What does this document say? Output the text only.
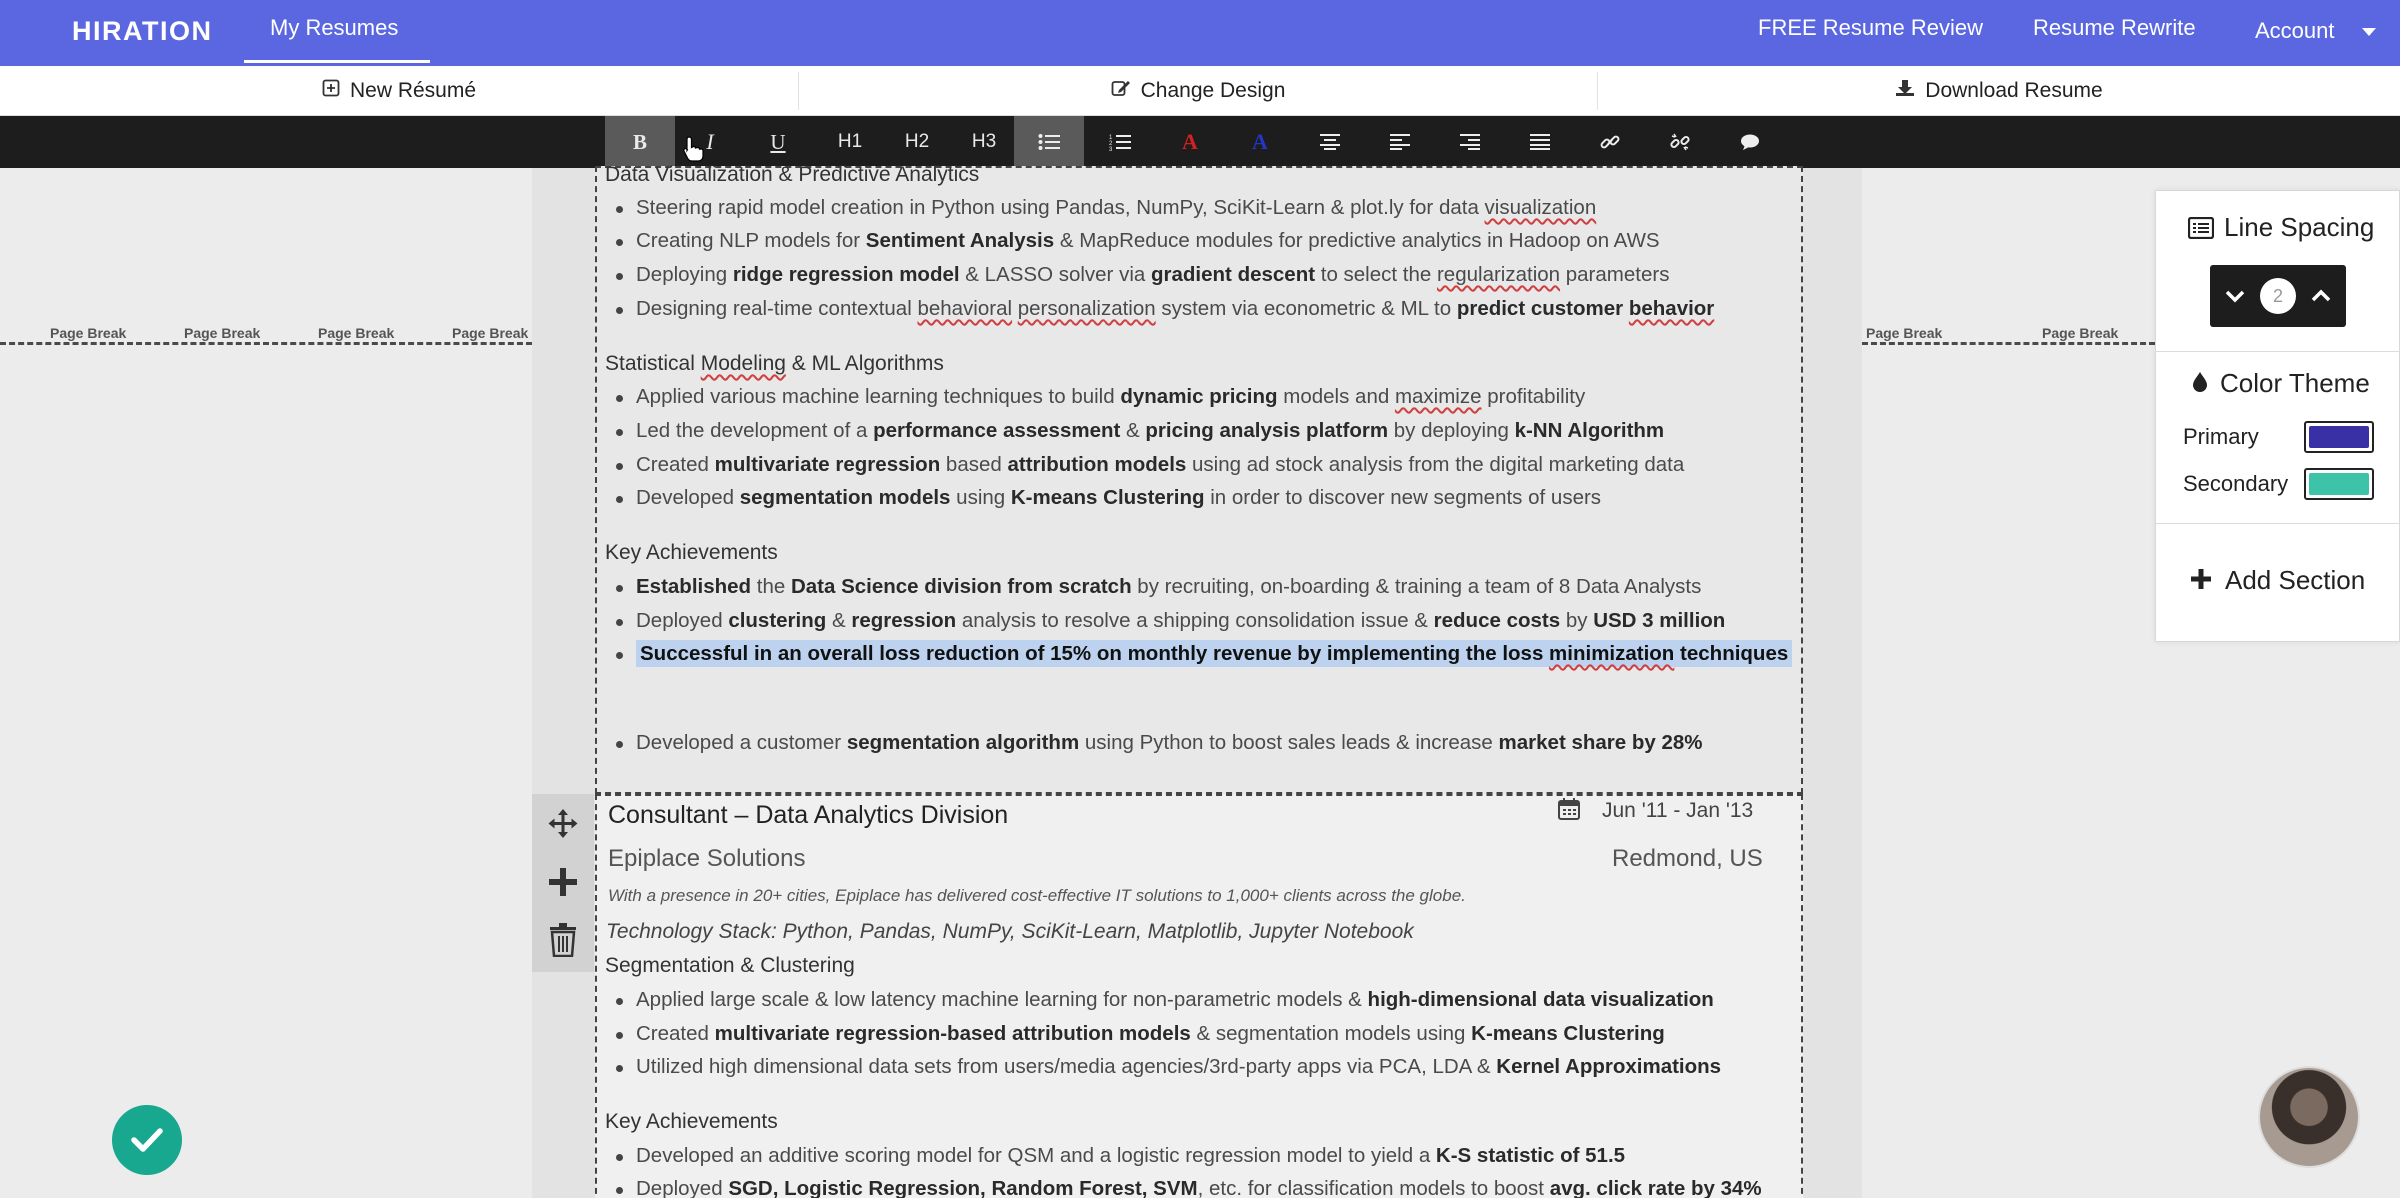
HIRATION	My Resumes	FREE Resume Review Resume Rewrite	Account
New Résumé	Change Design	Download Resume
B	I	U	H1	H2	H3	1
2
3	A	A
Page Break	Page Break	Page Break	Page Break	Page Break	Page Break
Data Visualization & Predictive Analytics
Steering rapid model creation in Python using Pandas, NumPy, SciKit-Learn & plot.ly for data visualization
Creating NLP models for Sentiment Analysis & MapReduce modules for predictive analytics in Hadoop on AWS
Deploying ridge regression model & LASSO solver via gradient descent to select the regularization parameters
Designing real-time contextual behavioral personalization system via econometric & ML to predict customer behavior
Statistical Modeling & ML Algorithms
Applied various machine learning techniques to build dynamic pricing models and maximize profitability
Led the development of a performance assessment & pricing analysis platform by deploying k-NN Algorithm
Created multivariate regression based attribution models using ad stock analysis from the digital marketing data
Developed segmentation models using K-means Clustering in order to discover new segments of users
Key Achievements
Established the Data Science division from scratch by recruiting, on-boarding & training a team of 8 Data Analysts
Deployed clustering & regression analysis to resolve a shipping consolidation issue & reduce costs by USD 3 million
Successful in an overall loss reduction of 15% on monthly revenue by implementing the loss minimization techniques
Developed a customer segmentation algorithm using Python to boost sales leads & increase market share by 28%
Consultant – Data Analytics Division	Jun '11 - Jan '13
Epiplace Solutions	Redmond, US
With a presence in 20+ cities, Epiplace has delivered cost-effective IT solutions to 1,000+ clients across the globe.
Technology Stack: Python, Pandas, NumPy, SciKit-Learn, Matplotlib, Jupyter Notebook
Segmentation & Clustering
Applied large scale & low latency machine learning for non-parametric models & high-dimensional data visualization
Created multivariate regression-based attribution models & segmentation models using K-means Clustering
Utilized high dimensional data sets from users/media agencies/3rd-party apps via PCA, LDA & Kernel Approximations
Key Achievements
Developed an additive scoring model for QSM and a logistic regression model to yield a K-S statistic of 51.5
Deployed SGD, Logistic Regression, Random Forest, SVM, etc. for classification models to boost avg. click rate by 34%
Line Spacing
2
Color Theme
Primary
Secondary
Add Section
